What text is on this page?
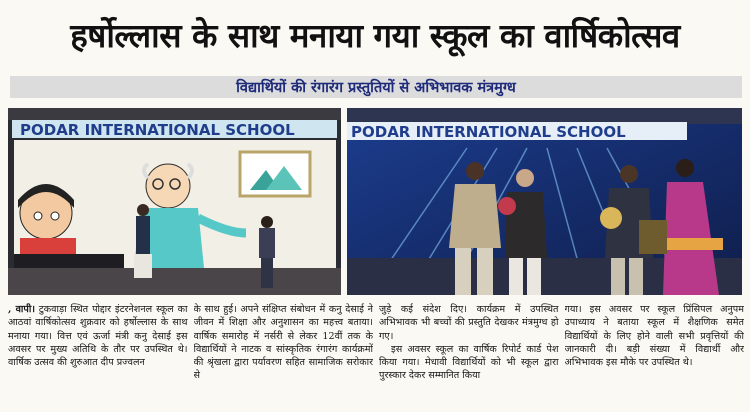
हर्षोल्लास के साथ मनाया गया स्कूल का वार्षिकोत्सव
विद्यार्थियों की रंगारंग प्रस्तुतियों से अभिभावक मंत्रमुग्ध
PODAR INTERNATIONAL SCHOOL	PODAR INTERNATIONAL SCHOOL

, वापी। टुकवाड़ा स्थित पोद्दार इंटरनेशनल स्कूल का आठवां वार्षिकोत्सव शुक्रवार को हर्षोल्लास के साथ मनाया गया। वित्त एवं ऊर्जा मंत्री कनु देसाई इस अवसर पर मुख्य अतिथि के तौर पर उपस्थित थे। वार्षिक उत्सव की शुरुआत दीप प्रज्वलन

के साथ हुई। अपने संक्षिप्त संबोधन में कनु देसाई ने जीवन में शिक्षा और अनुशासन का महत्त्व बताया। वार्षिक समारोह में नर्सरी से लेकर 12वीं तक के विद्यार्थियों ने नाटक व सांस्कृतिक रंगारंग कार्यक्रमों की श्रृंखला द्वारा पर्यावरण सहित सामाजिक सरोकार से

जुड़े कई संदेश दिए। कार्यक्रम में उपस्थित अभिभावक भी बच्चों की प्रस्तुति देखकर मंत्रमुग्ध हो गए।

इस अवसर स्कूल का वार्षिक रिपोर्ट कार्ड पेश किया गया। मेधावी विद्यार्थियों को भी स्कूल द्वारा पुरस्कार देकर सम्मानित किया

गया। इस अवसर पर स्कूल प्रिंसिपल अनुपम उपाध्याय ने बताया स्कूल में शैक्षणिक समेत विद्यार्थियों के लिए होने वाली सभी प्रवृत्तियों की जानकारी दी। बड़ी संख्या में विद्यार्थी और अभिभावक इस मौके पर उपस्थित थे।
